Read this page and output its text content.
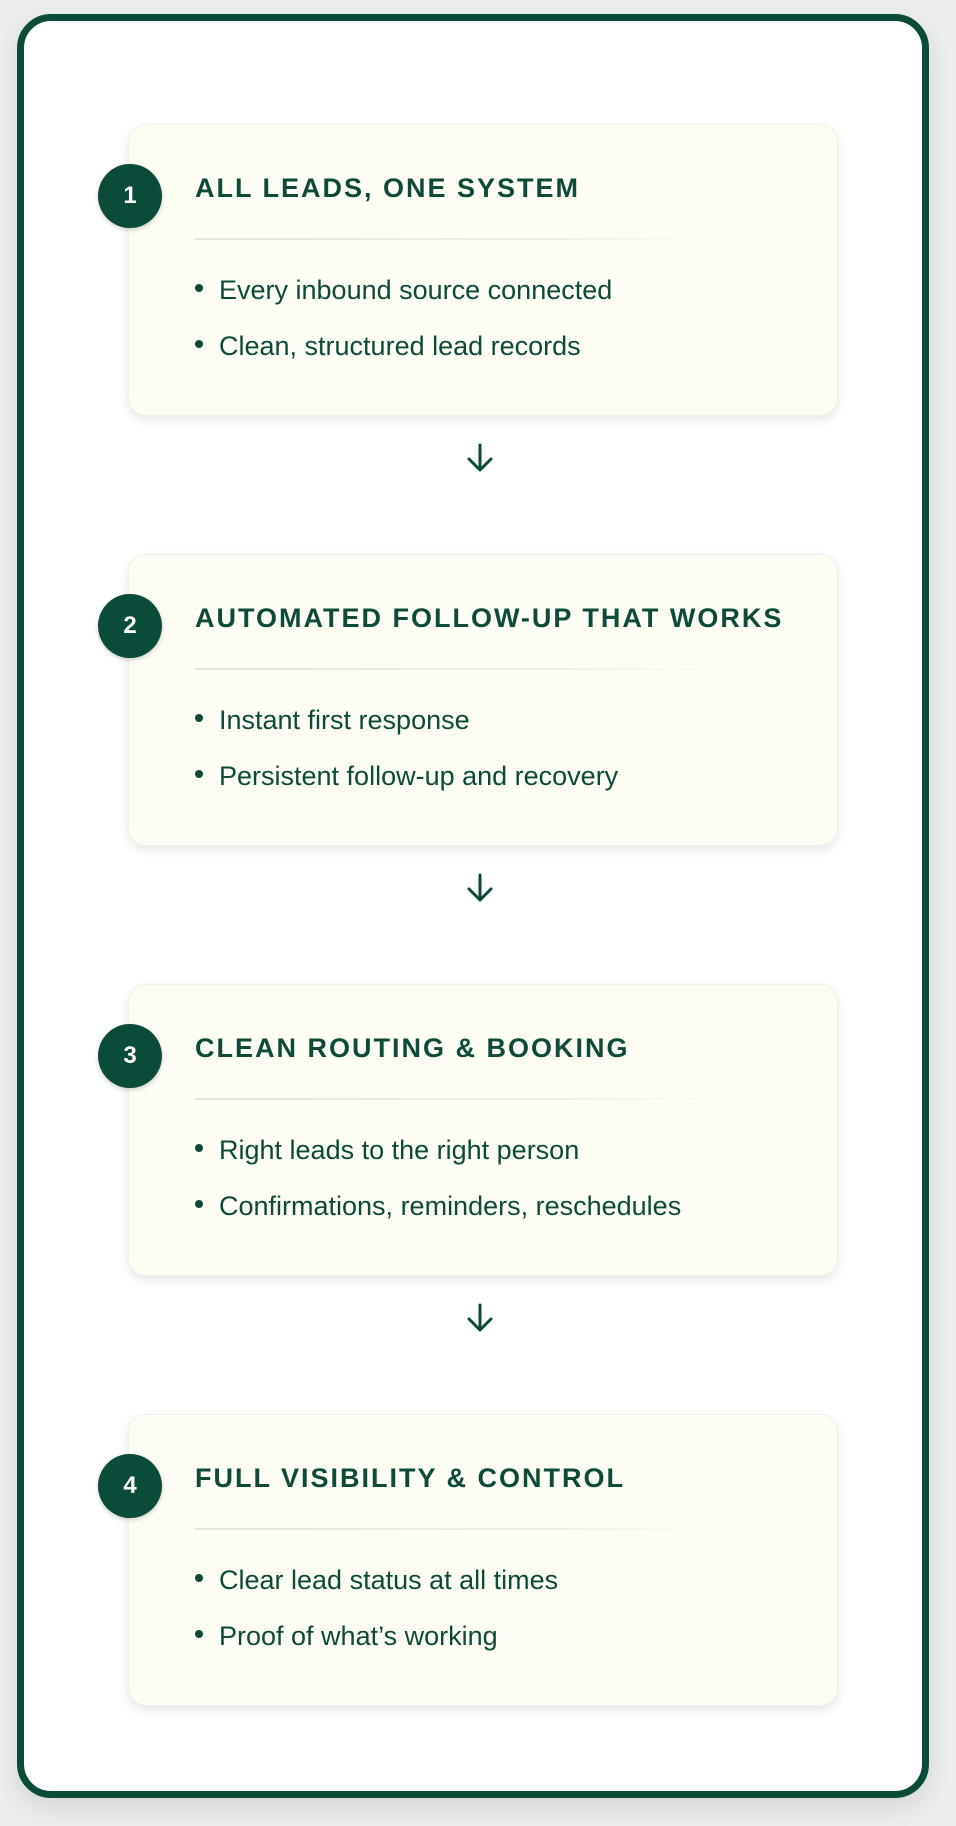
ALL LEADS, ONE SYSTEM
Every inbound source connected
Clean, structured lead records
1
AUTOMATED FOLLOW-UP THAT WORKS
Instant first response
Persistent follow-up and recovery
2
CLEAN ROUTING & BOOKING
Right leads to the right person
Confirmations, reminders, reschedules
3
FULL VISIBILITY & CONTROL
Clear lead status at all times
Proof of what’s working
4
